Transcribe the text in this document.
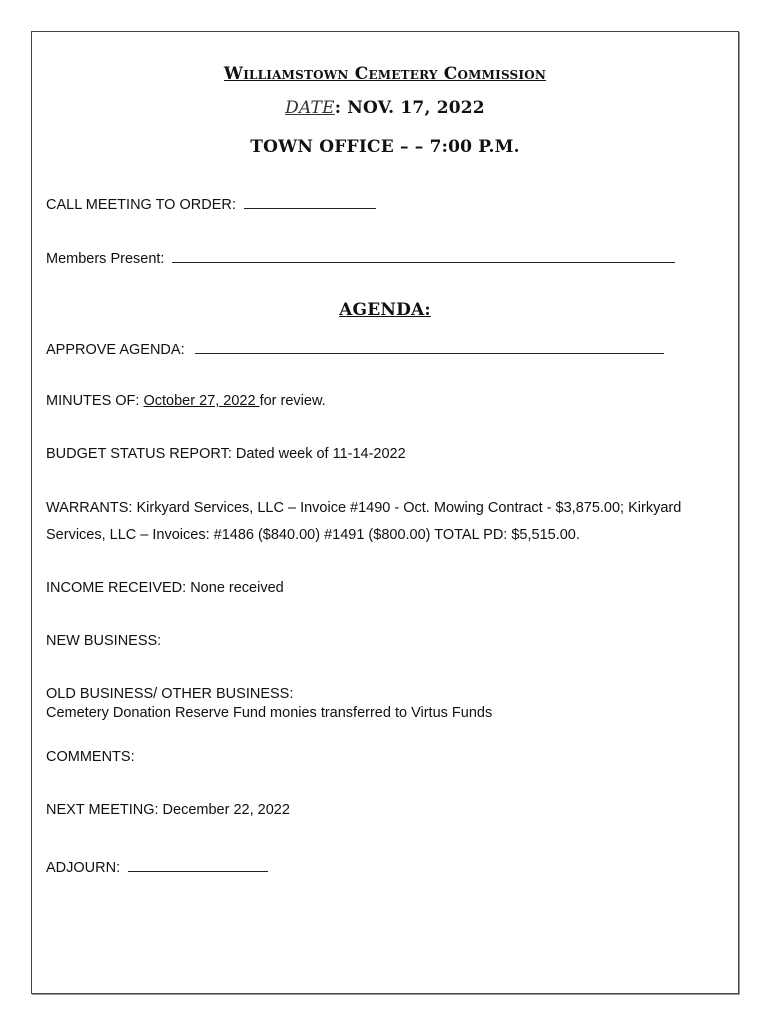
Williamstown Cemetery Commission
DATE: NOV. 17, 2022
TOWN OFFICE – – 7:00 P.M.
CALL MEETING TO ORDER:
Members Present:
AGENDA:
APPROVE AGENDA:
MINUTES OF: October 27, 2022 for review.
BUDGET STATUS REPORT: Dated week of 11-14-2022
WARRANTS: Kirkyard Services, LLC – Invoice #1490 - Oct. Mowing Contract - $3,875.00; Kirkyard
Services, LLC – Invoices: #1486 ($840.00) #1491 ($800.00) TOTAL PD: $5,515.00.
INCOME RECEIVED: None received
NEW BUSINESS:
OLD BUSINESS/ OTHER BUSINESS:
Cemetery Donation Reserve Fund monies transferred to Virtus Funds
COMMENTS:
NEXT MEETING: December 22, 2022
ADJOURN:
